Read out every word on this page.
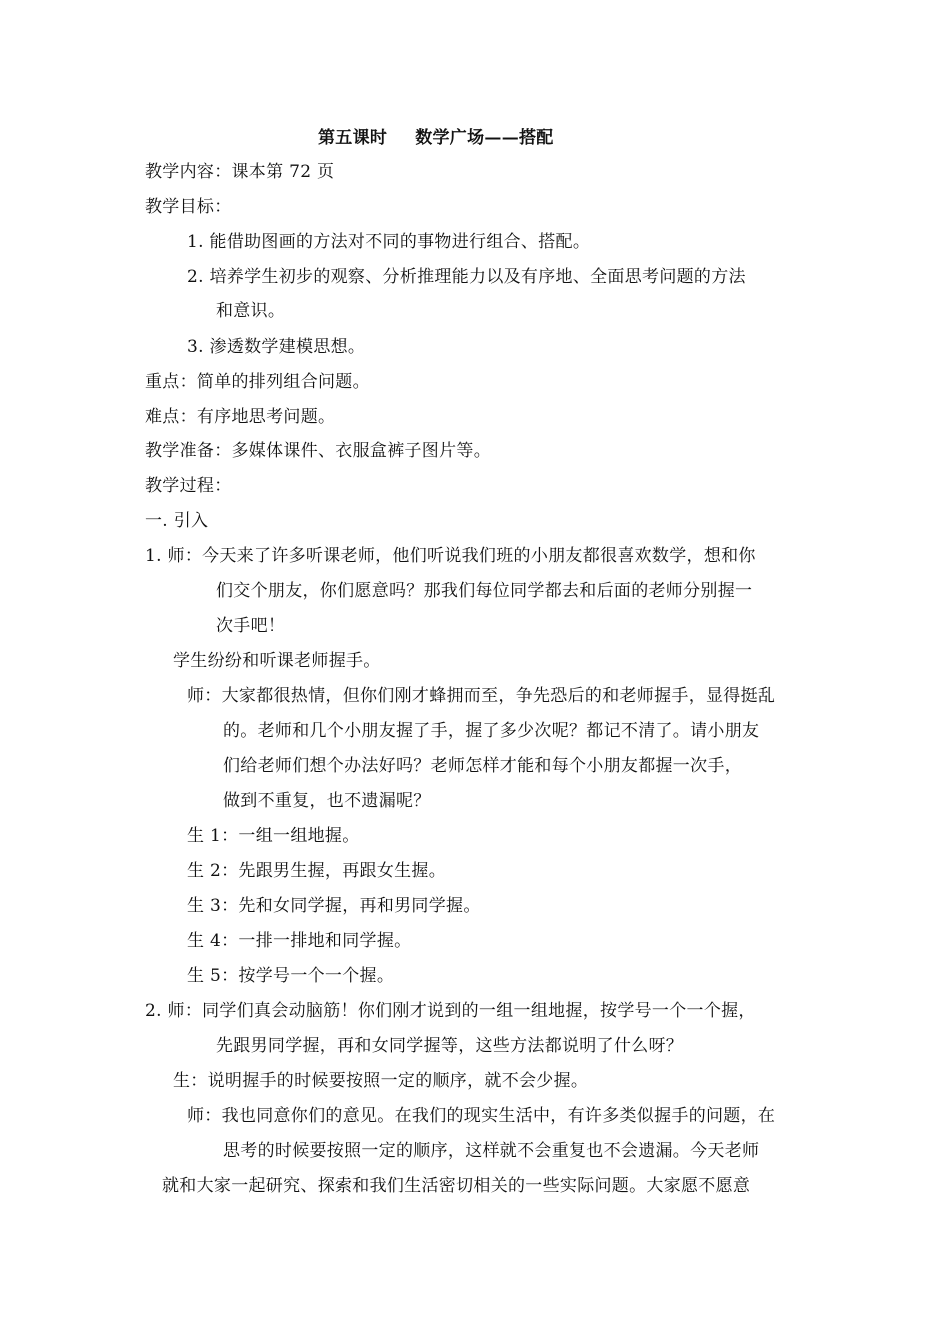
第五课时 数学广场——搭配
教学内容：课本第 72 页
教学目标：
1. 能借助图画的方法对不同的事物进行组合、搭配。
2. 培养学生初步的观察、分析推理能力以及有序地、全面思考问题的方法
和意识。
3. 渗透数学建模思想。
重点：简单的排列组合问题。
难点：有序地思考问题。
教学准备：多媒体课件、衣服盒裤子图片等。
教学过程：
一. 引入
1. 师：今天来了许多听课老师，他们听说我们班的小朋友都很喜欢数学，想和你
们交个朋友，你们愿意吗？那我们每位同学都去和后面的老师分别握一
次手吧！
学生纷纷和听课老师握手。
师：大家都很热情，但你们刚才蜂拥而至，争先恐后的和老师握手，显得挺乱
的。老师和几个小朋友握了手，握了多少次呢？都记不清了。请小朋友
们给老师们想个办法好吗？老师怎样才能和每个小朋友都握一次手，
做到不重复，也不遗漏呢？
生 1：一组一组地握。
生 2：先跟男生握，再跟女生握。
生 3：先和女同学握，再和男同学握。
生 4：一排一排地和同学握。
生 5：按学号一个一个握。
2. 师：同学们真会动脑筋！你们刚才说到的一组一组地握，按学号一个一个握，
先跟男同学握，再和女同学握等，这些方法都说明了什么呀？
生：说明握手的时候要按照一定的顺序，就不会少握。
师：我也同意你们的意见。在我们的现实生活中，有许多类似握手的问题，在
思考的时候要按照一定的顺序，这样就不会重复也不会遗漏。今天老师
就和大家一起研究、探索和我们生活密切相关的一些实际问题。大家愿不愿意
